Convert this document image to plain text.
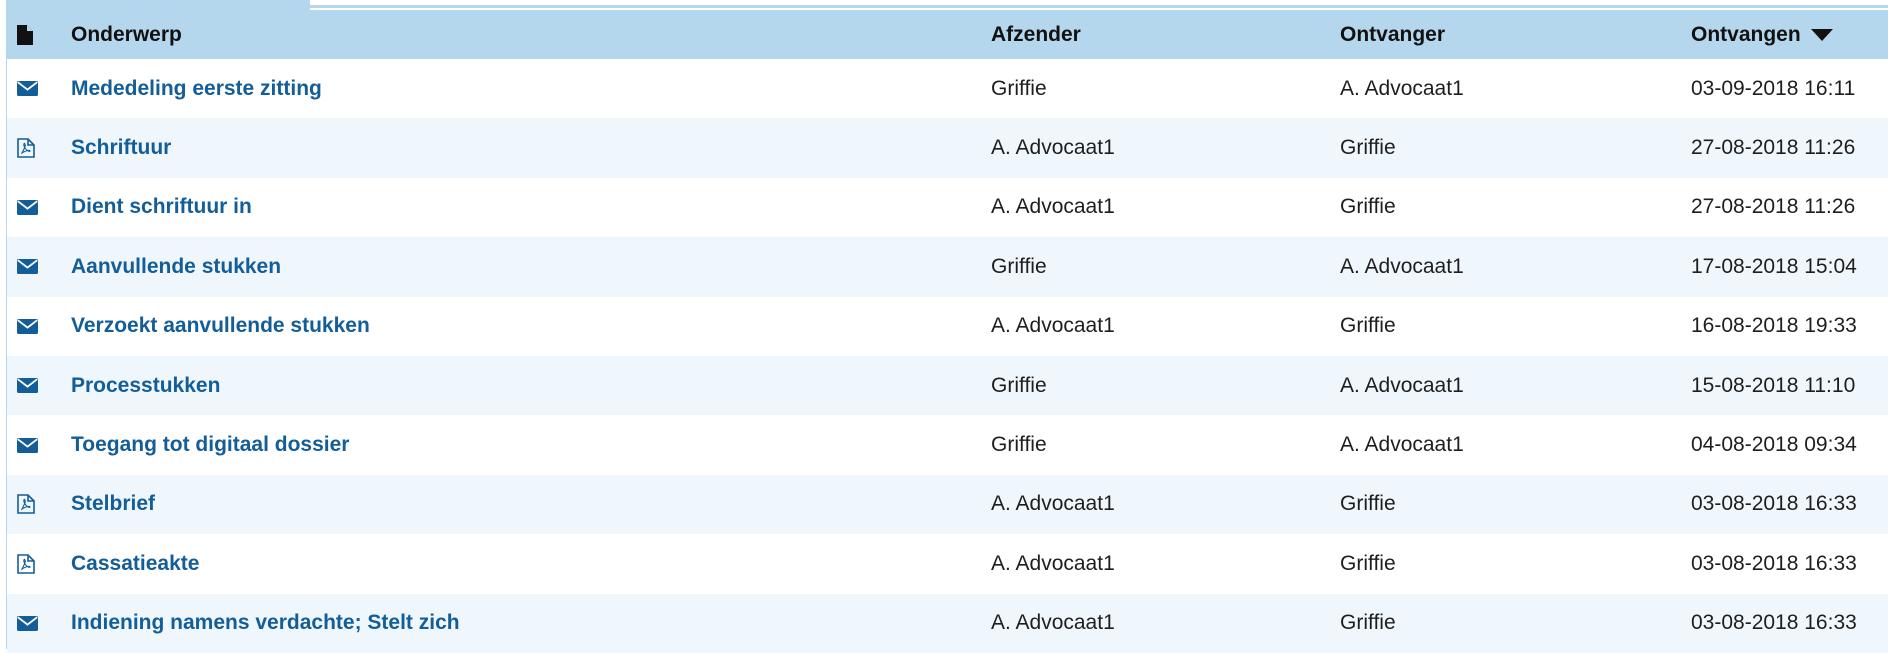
Onderwerp	Afzender	Ontvanger	Ontvangen
Mededeling eerste zitting	Griffie	A. Advocaat1	03-09-2018 16:11
Schriftuur	A. Advocaat1	Griffie	27-08-2018 11:26
Dient schriftuur in	A. Advocaat1	Griffie	27-08-2018 11:26
Aanvullende stukken	Griffie	A. Advocaat1	17-08-2018 15:04
Verzoekt aanvullende stukken	A. Advocaat1	Griffie	16-08-2018 19:33
Processtukken	Griffie	A. Advocaat1	15-08-2018 11:10
Toegang tot digitaal dossier	Griffie	A. Advocaat1	04-08-2018 09:34
Stelbrief	A. Advocaat1	Griffie	03-08-2018 16:33
Cassatieakte	A. Advocaat1	Griffie	03-08-2018 16:33
Indiening namens verdachte; Stelt zich	A. Advocaat1	Griffie	03-08-2018 16:33
